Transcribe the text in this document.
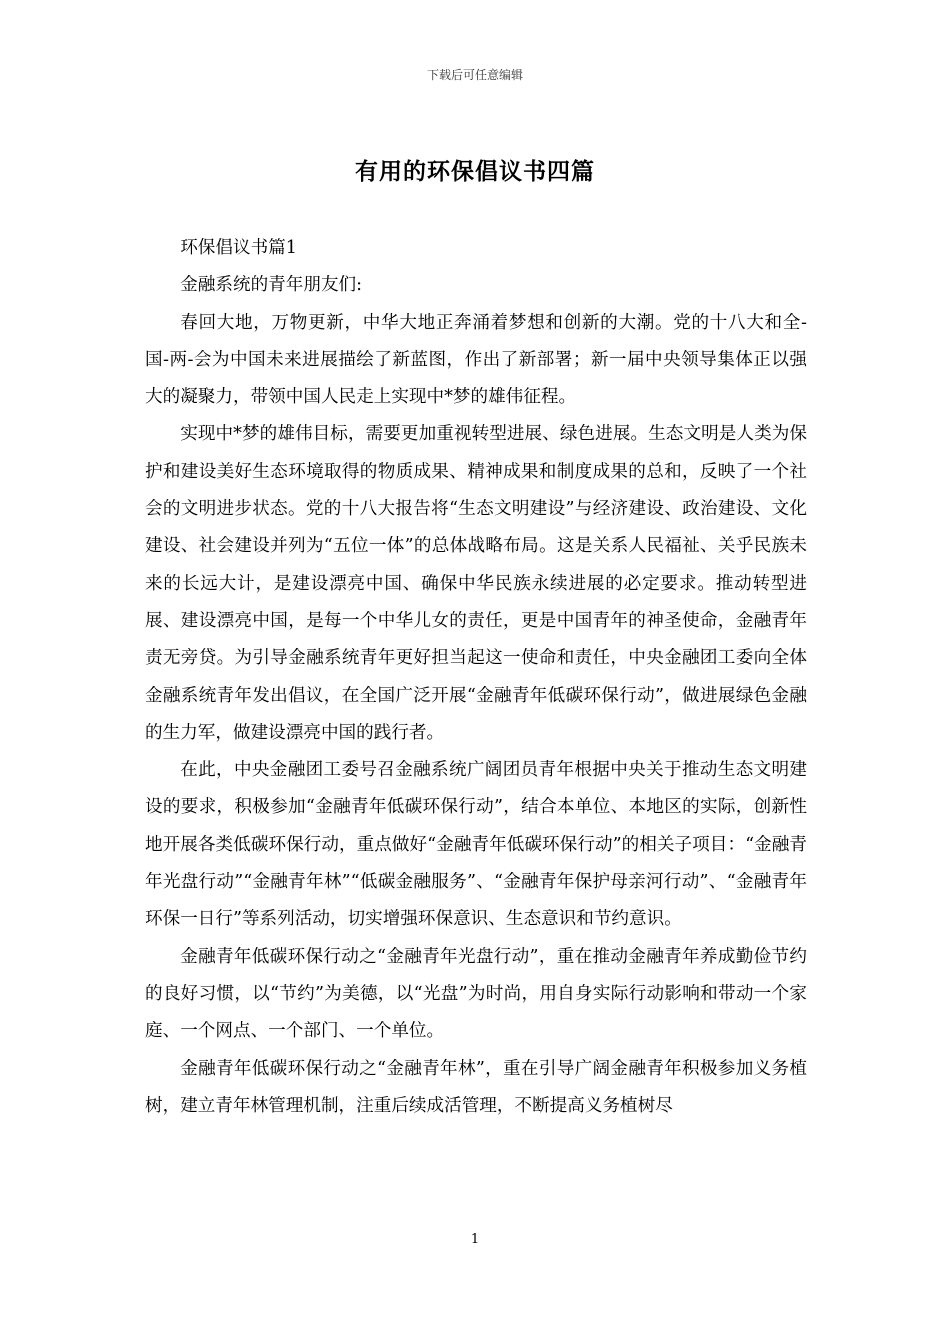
下载后可任意编辑
有用的环保倡议书四篇

环保倡议书篇1

金融系统的青年朋友们:

春回大地，万物更新，中华大地正奔涌着梦想和创新的大潮。党的十八大和全-国-两-会为中国未来进展描绘了新蓝图，作出了新部署；新一届中央领导集体正以强大的凝聚力，带领中国人民走上实现中*梦的雄伟征程。

实现中*梦的雄伟目标，需要更加重视转型进展、绿色进展。生态文明是人类为保护和建设美好生态环境取得的物质成果、精神成果和制度成果的总和，反映了一个社会的文明进步状态。党的十八大报告将“生态文明建设”与经济建设、政治建设、文化建设、社会建设并列为“五位一体”的总体战略布局。这是关系人民福祉、关乎民族未来的长远大计，是建设漂亮中国、确保中华民族永续进展的必定要求。推动转型进展、建设漂亮中国，是每一个中华儿女的责任，更是中国青年的神圣使命，金融青年责无旁贷。为引导金融系统青年更好担当起这一使命和责任，中央金融团工委向全体金融系统青年发出倡议，在全国广泛开展“金融青年低碳环保行动”，做进展绿色金融的生力军，做建设漂亮中国的践行者。

在此，中央金融团工委号召金融系统广阔团员青年根据中央关于推动生态文明建设的要求，积极参加“金融青年低碳环保行动”，结合本单位、本地区的实际，创新性地开展各类低碳环保行动，重点做好“金融青年低碳环保行动”的相关子项目：“金融青年光盘行动”“金融青年林”“低碳金融服务”、“金融青年保护母亲河行动”、“金融青年环保一日行”等系列活动，切实增强环保意识、生态意识和节约意识。

金融青年低碳环保行动之“金融青年光盘行动”，重在推动金融青年养成勤俭节约的良好习惯，以“节约”为美德，以“光盘”为时尚，用自身实际行动影响和带动一个家庭、一个网点、一个部门、一个单位。

金融青年低碳环保行动之“金融青年林”，重在引导广阔金融青年积极参加义务植树，建立青年林管理机制，注重后续成活管理，不断提高义务植树尽

1
